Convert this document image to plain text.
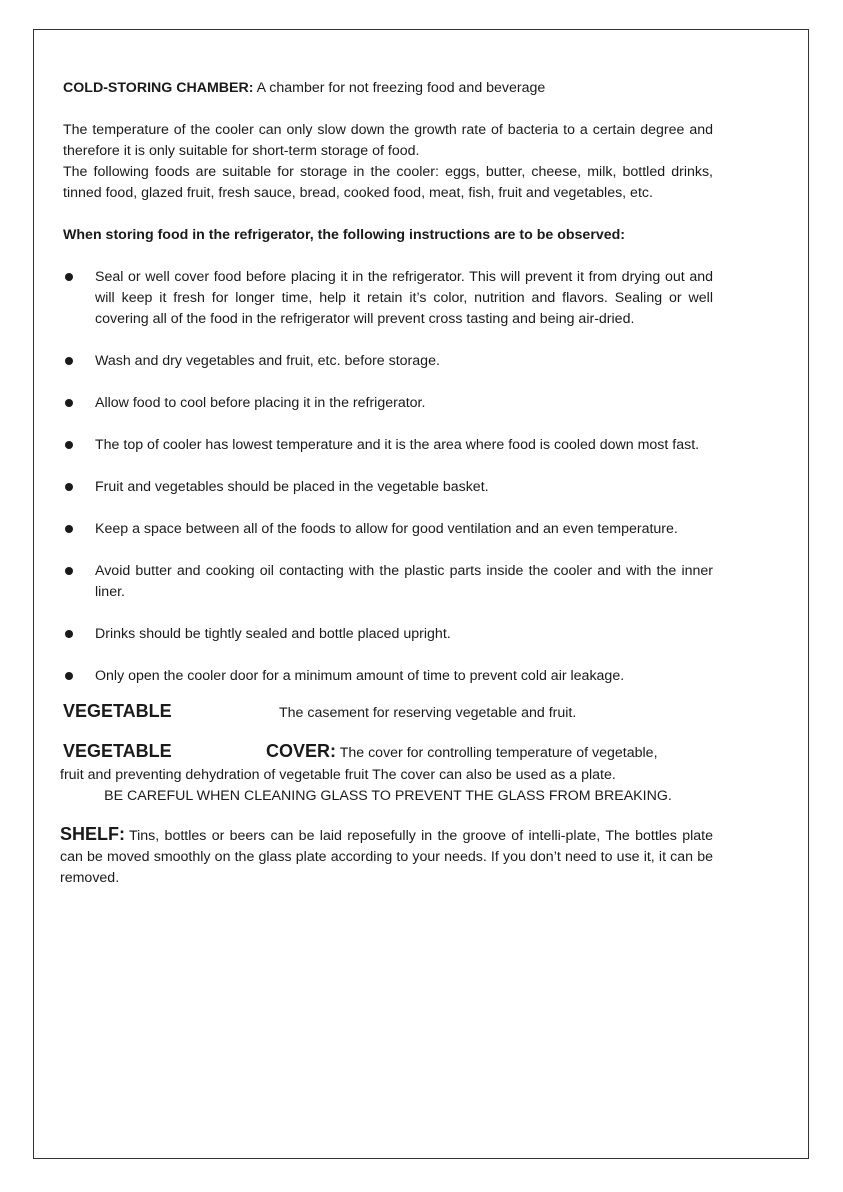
COLD-STORING CHAMBER: A chamber for not freezing food and beverage

The temperature of the cooler can only slow down the growth rate of bacteria to a certain degree and therefore it is only suitable for short-term storage of food.

The following foods are suitable for storage in the cooler: eggs, butter, cheese, milk, bottled drinks, tinned food, glazed fruit, fresh sauce, bread, cooked food, meat, fish, fruit and vegetables, etc.

When storing food in the refrigerator, the following instructions are to be observed:

Seal or well cover food before placing it in the refrigerator. This will prevent it from drying out and will keep it fresh for longer time, help it retain it’s color, nutrition and flavors. Sealing or well covering all of the food in the refrigerator will prevent cross tasting and being air-dried.
Wash and dry vegetables and fruit, etc. before storage.
Allow food to cool before placing it in the refrigerator.
The top of cooler has lowest temperature and it is the area where food is cooled down most fast.
Fruit and vegetables should be placed in the vegetable basket.
Keep a space between all of the foods to allow for good ventilation and an even temperature.
Avoid butter and cooking oil contacting with the plastic parts inside the cooler and with the inner liner.
Drinks should be tightly sealed and bottle placed upright.
Only open the cooler door for a minimum amount of time to prevent cold air leakage.
VEGETABLE	The casement for reserving vegetable and fruit.
VEGETABLE	COVER: The cover for controlling temperature of vegetable,

fruit and preventing dehydration of vegetable fruit The cover can also be used as a plate.

BE CAREFUL WHEN CLEANING GLASS TO PREVENT THE GLASS FROM BREAKING.

SHELF: Tins, bottles or beers can be laid reposefully in the groove of intelli-plate, The bottles plate can be moved smoothly on the glass plate according to your needs. If you don’t need to use it, it can be removed.
